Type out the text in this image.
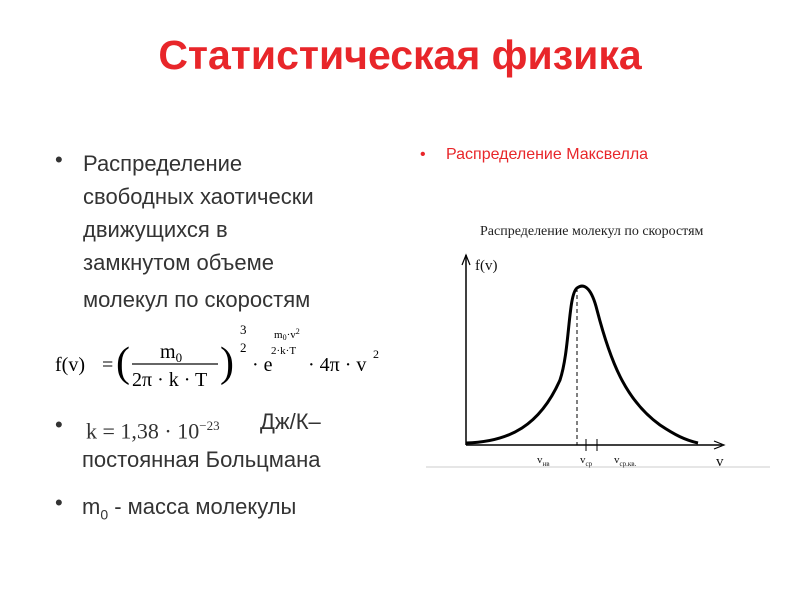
Статистическая физика
• Распределение
свободных хаотически
движущихся в
замкнутом объеме
молекул по скоростям
f(v) = ( $m_0$
2π · k · T )
3
2
· e
$m0\cdot v^2$
2·k·T
· 4π · v 2
• $k = 1,38 \cdot 10^{-23}$ Дж/К–
постоянная Больцмана
• $m_0$ - масса молекулы
• Распределение Максвелла
Распределение молекул по скоростям
f(v)
v
$v_{нв}$	$v_{ср}$ $v_{ср.кв.}$
